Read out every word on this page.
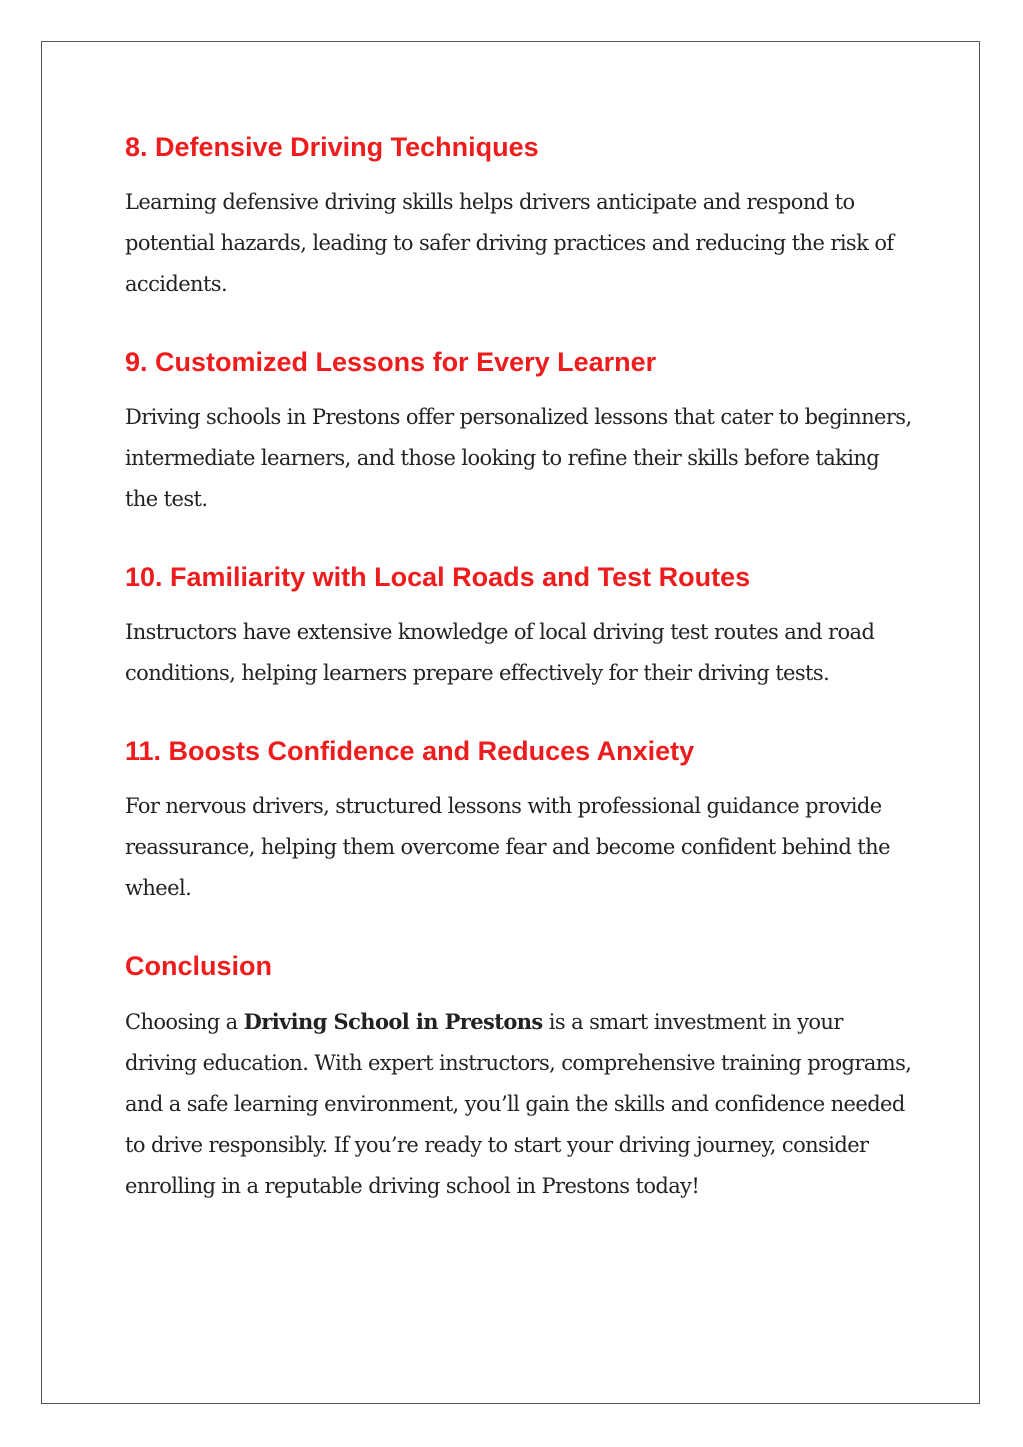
8. Defensive Driving Techniques

Learning defensive driving skills helps drivers anticipate and respond to potential hazards, leading to safer driving practices and reducing the risk of accidents.

9. Customized Lessons for Every Learner

Driving schools in Prestons offer personalized lessons that cater to beginners, intermediate learners, and those looking to refine their skills before taking the test.

10. Familiarity with Local Roads and Test Routes

Instructors have extensive knowledge of local driving test routes and road conditions, helping learners prepare effectively for their driving tests.

11. Boosts Confidence and Reduces Anxiety

For nervous drivers, structured lessons with professional guidance provide reassurance, helping them overcome fear and become confident behind the wheel.

Conclusion

Choosing a Driving School in Prestons is a smart investment in your driving education. With expert instructors, comprehensive training programs, and a safe learning environment, you’ll gain the skills and confidence needed to drive responsibly. If you’re ready to start your driving journey, consider enrolling in a reputable driving school in Prestons today!
